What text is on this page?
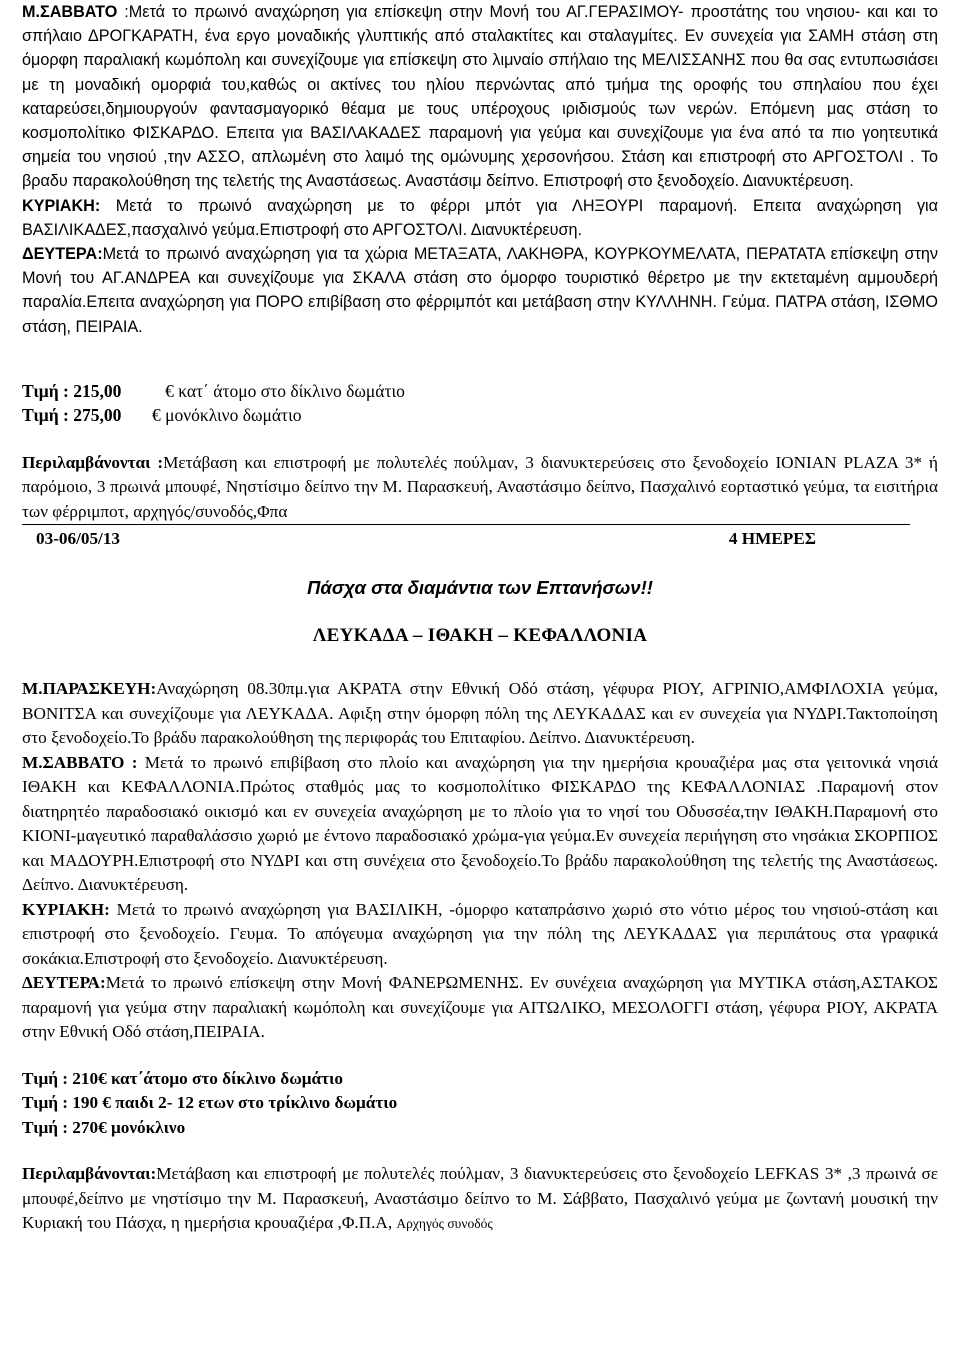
Μ.ΣΑΒΒΑΤΟ :Μετά το πρωινό αναχώρηση για επίσκεψη στην Μονή του ΑΓ.ΓΕΡΑΣΙΜΟΥ- προστάτης του νησιου- και και το σπήλαιο ΔΡΟΓΚΑΡΑΤΗ, ένα εργο μοναδικής γλυπτικής από σταλακτίτες και σταλαγμίτες. Εν συνεχεία για ΣΑΜΗ στάση στη όμορφη παραλιακή κωμόπολη και συνεχίζουμε για επίσκεψη στο λιμναίο σπήλαιο της ΜΕΛΙΣΣΑΝΗΣ που θα σας εντυπωσιάσει με τη μοναδική ομορφιά του,καθώς οι ακτίνες του ηλίου περνώντας από τμήμα της οροφής του σπηλαίου που έχει καταρεύσει,δημιουργούν φαντασμαγορικό θέαμα με τους υπέροχους ιριδισμούς των νερών. Επόμενη μας στάση το κοσμοπολίτικο ΦΙΣΚΑΡΔΟ. Επειτα για ΒΑΣΙΛΑΚΑΔΕΣ παραμονή για γεύμα και συνεχίζουμε για ένα από τα πιο γοητευτικά σημεία του νησιού ,την ΑΣΣΟ, απλωμένη στο λαιμό της ομώνυμης χερσονήσου. Στάση και επιστροφή στο ΑΡΓΟΣΤΟΛΙ . Το βραδυ παρακολούθηση της τελετής της Αναστάσεως. Αναστάσιμ δείπνο. Επιστροφή στο ξενοδοχείο. Διανυκτέρευση.

ΚΥΡΙΑΚΗ: Μετά το πρωινό αναχώρηση με το φέρρι μπότ για ΛΗΞΟΥΡΙ παραμονή. Επειτα αναχώρηση για ΒΑΣΙΛΙΚΑΔΕΣ,πασχαλινό γεύμα.Επιστροφή στο ΑΡΓΟΣΤΟΛΙ. Διανυκτέρευση.

ΔΕΥΤΕΡΑ:Μετά το πρωινό αναχώρηση για τα χώρια ΜΕΤΑΞΑΤΑ, ΛΑΚΗΘΡΑ, ΚΟΥΡΚΟΥΜΕΛΑΤΑ, ΠΕΡΑΤΑΤΑ επίσκεψη στην Μονή του ΑΓ.ΑΝΔΡΕΑ και συνεχίζουμε για ΣΚΑΛΑ στάση στο όμορφο τουριστικό θέρετρο με την εκτεταμένη αμμουδερή παραλία.Επειτα αναχώρηση για ΠΟΡΟ επιβίβαση στο φέρριμπότ και μετάβαση στην ΚΥΛΛΗΝΗ. Γεύμα. ΠΑΤΡΑ στάση, ΙΣΘΜΟ στάση, ΠΕΙΡΑΙΑ.

Τιμή : 215,00	€ κατ΄ άτομο στο δίκλινο δωμάτιο

Τιμή : 275,00 € μονόκλινο δωμάτιο

Περιλαμβάνονται :Μετάβαση και επιστροφή με πολυτελές πούλμαν, 3 διανυκτερεύσεις στο ξενοδοχείο IONIAN PLAZA 3* ή παρόμοιο, 3 πρωινά μπουφέ, Νηστίσιμο δείπνο την Μ. Παρασκευή, Αναστάσιμο δείπνο, Πασχαλινό εορταστικό γεύμα, τα εισιτήρια των φέρριμποτ, αρχηγός/συνοδός,Φπα

03-06/05/13	4 ΗΜΕΡΕΣ

Πάσχα στα διαμάντια των Επτανήσων!!

ΛΕΥΚΑΔΑ – ΙΘΑΚΗ – ΚΕΦΑΛΛΟΝΙΑ

Μ.ΠΑΡΑΣΚΕΥΗ:Αναχώρηση 08.30πμ.για ΑΚΡΑΤΑ στην Εθνική Οδό στάση, γέφυρα ΡΙΟΥ, ΑΓΡΙΝΙΟ,ΑΜΦΙΛΟΧΙΑ γεύμα, ΒΟΝΙΤΣΑ και συνεχίζουμε για ΛΕΥΚΑΔΑ. Αφιξη στην όμορφη πόλη της ΛΕΥΚΑΔΑΣ και εν συνεχεία για ΝΥΔΡΙ.Τακτοποίηση στο ξενοδοχείο.Το βράδυ παρακολούθηση της περιφοράς του Επιταφίου. Δείπνο. Διανυκτέρευση.

Μ.ΣΑΒΒΑΤΟ : Μετά το πρωινό επιβίβαση στο πλοίο και αναχώρηση για την ημερήσια κρουαζιέρα μας στα γειτονικά νησιά ΙΘΑΚΗ και ΚΕΦΑΛΛΟΝΙΑ.Πρώτος σταθμός μας το κοσμοπολίτικο ΦΙΣΚΑΡΔΟ της ΚΕΦΑΛΛΟΝΙΑΣ .Παραμονή στον διατηρητέο παραδοσιακό οικισμό και εν συνεχεία αναχώρηση με το πλοίο για το νησί του Οδυσσέα,την ΙΘΑΚΗ.Παραμονή στο ΚΙΟΝΙ-μαγευτικό παραθαλάσσιο χωριό με έντονο παραδοσιακό χρώμα-για γεύμα.Εν συνεχεία περιήγηση στο νησάκια ΣΚΟΡΠΙΟΣ και ΜΑΔΟΥΡΗ.Επιστροφή στο ΝΥΔΡΙ και στη συνέχεια στο ξενοδοχείο.Το βράδυ παρακολούθηση της τελετής της Αναστάσεως. Δείπνο. Διανυκτέρευση.

ΚΥΡΙΑΚΗ: Μετά το πρωινό αναχώρηση για ΒΑΣΙΛΙΚΗ, -όμορφο καταπράσινο χωριό στο νότιο μέρος του νησιού-στάση και επιστροφή στο ξενοδοχείο. Γευμα. Το απόγευμα αναχώρηση για την πόλη της ΛΕΥΚΑΔΑΣ για περιπάτους στα γραφικά σοκάκια.Επιστροφή στο ξενοδοχείο. Διανυκτέρευση.

ΔΕΥΤΕΡΑ:Μετά το πρωινό επίσκεψη στην Μονή ΦΑΝΕΡΩΜΕΝΗΣ. Εν συνέχεια αναχώρηση για ΜΥΤΙΚΑ στάση,ΑΣΤΑΚΟΣ παραμονή για γεύμα στην παραλιακή κωμόπολη και συνεχίζουμε για ΑΙΤΩΛΙΚΟ, ΜΕΣΟΛΟΓΓΙ στάση, γέφυρα ΡΙΟΥ, ΑΚΡΑΤΑ στην Εθνική Οδό στάση,ΠΕΙΡΑΙΑ.

Τιμή : 210€ κατ΄άτομο στο δίκλινο δωμάτιο

Τιμή : 190 € παιδι 2- 12 ετων στο τρίκλινο δωμάτιο

Τιμή : 270€ μονόκλινο

Περιλαμβάνονται:Μετάβαση και επιστροφή με πολυτελές πούλμαν, 3 διανυκτερεύσεις στο ξενοδοχείο LEFKAS 3* ,3 πρωινά σε μπουφέ,δείπνο με νηστίσιμο την Μ. Παρασκευή, Αναστάσιμο δείπνο το Μ. Σάββατο, Πασχαλινό γεύμα με ζωντανή μουσική την Κυριακή του Πάσχα, η ημερήσια κρουαζιέρα ,Φ.Π.Α, Αρχηγός συνοδός
